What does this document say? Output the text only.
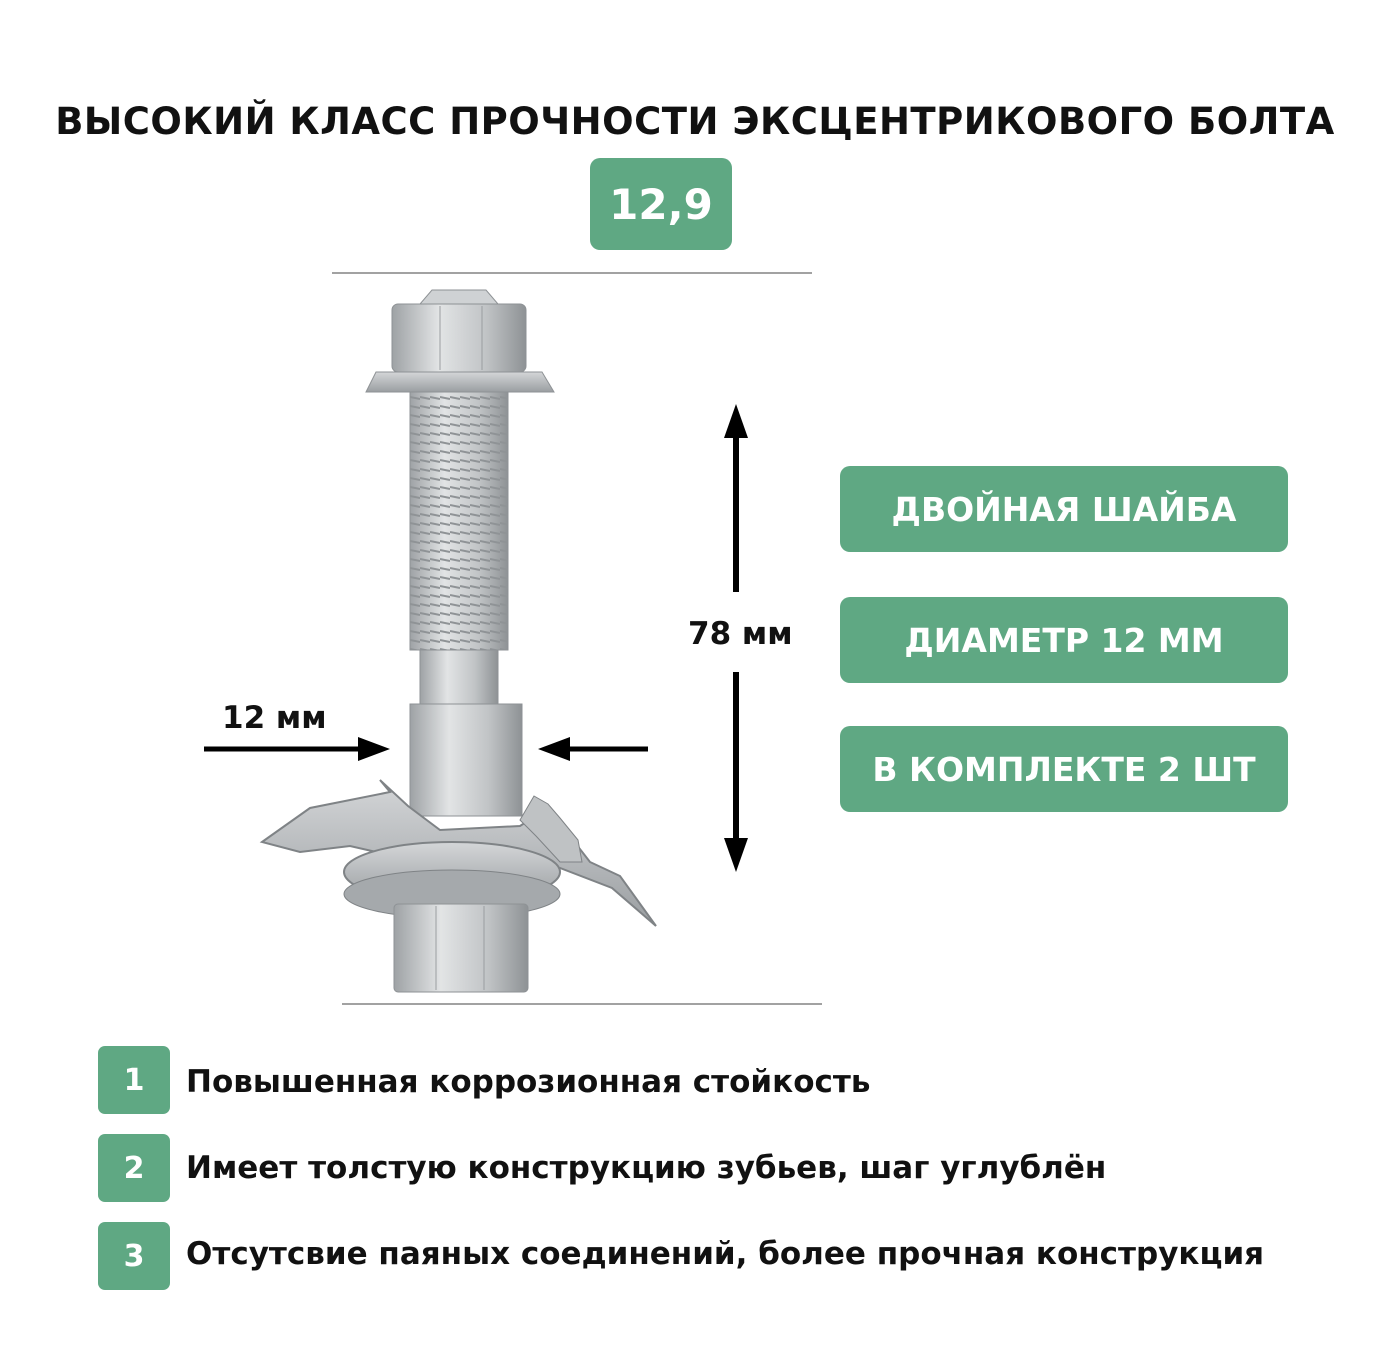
ВЫСОКИЙ КЛАСС ПРОЧНОСТИ ЭКСЦЕНТРИКОВОГО БОЛТА
12,9
78 мм
12 мм
ДВОЙНАЯ ШАЙБА
ДИАМЕТР 12 ММ
В КОМПЛЕКТЕ 2 ШТ
1	Повышенная коррозионная стойкость
2	Имеет толстую конструкцию зубьев, шаг углублён
3	Отсутсвие паяных соединений, более прочная конструкция
